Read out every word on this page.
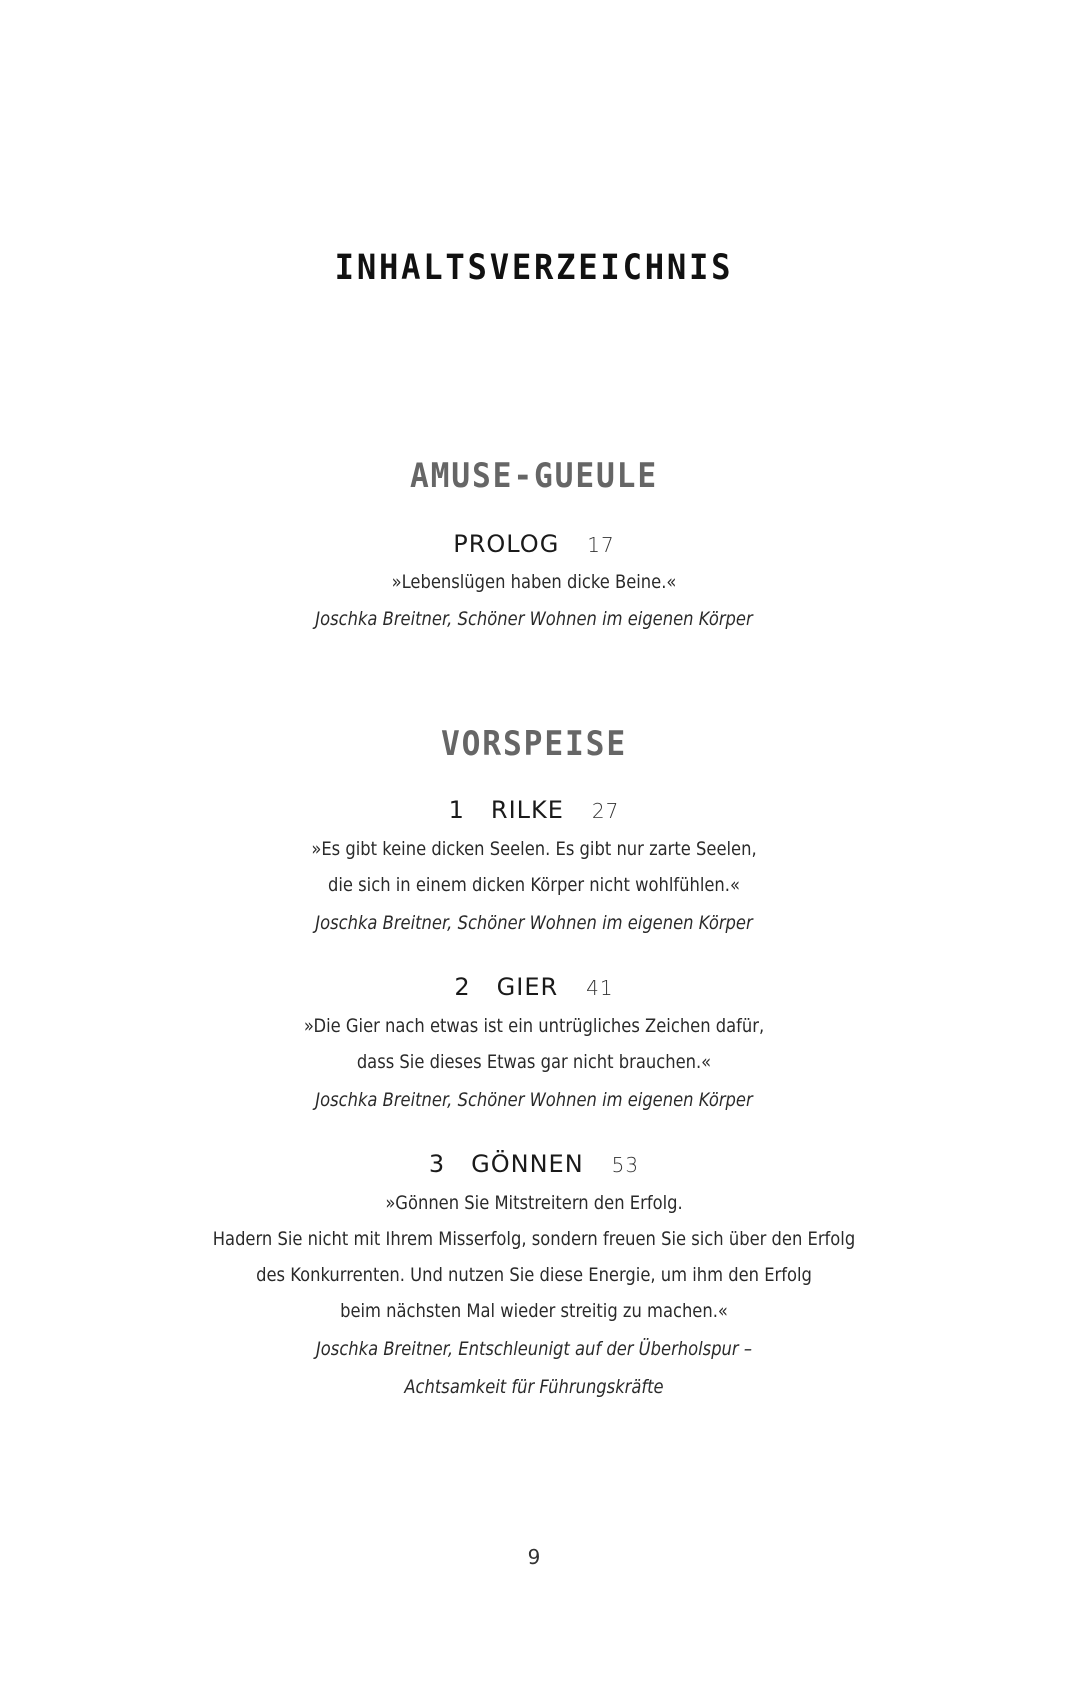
INHALTSVERZEICHNIS
AMUSE-GUEULE
PROLOG 17
»Lebenslügen haben dicke Beine.«
Joschka Breitner, Schöner Wohnen im eigenen Körper
VORSPEISE
1 RILKE 27
»Es gibt keine dicken Seelen. Es gibt nur zarte Seelen,
die sich in einem dicken Körper nicht wohlfühlen.«
Joschka Breitner, Schöner Wohnen im eigenen Körper
2 GIER 41
»Die Gier nach etwas ist ein untrügliches Zeichen dafür,
dass Sie dieses Etwas gar nicht brauchen.«
Joschka Breitner, Schöner Wohnen im eigenen Körper
3 GÖNNEN 53
»Gönnen Sie Mitstreitern den Erfolg.
Hadern Sie nicht mit Ihrem Misserfolg, sondern freuen Sie sich über den Erfolg
des Konkurrenten. Und nutzen Sie diese Energie, um ihm den Erfolg
beim nächsten Mal wieder streitig zu machen.«
Joschka Breitner, Entschleunigt auf der Überholspur –
Achtsamkeit für Führungskräfte
9
